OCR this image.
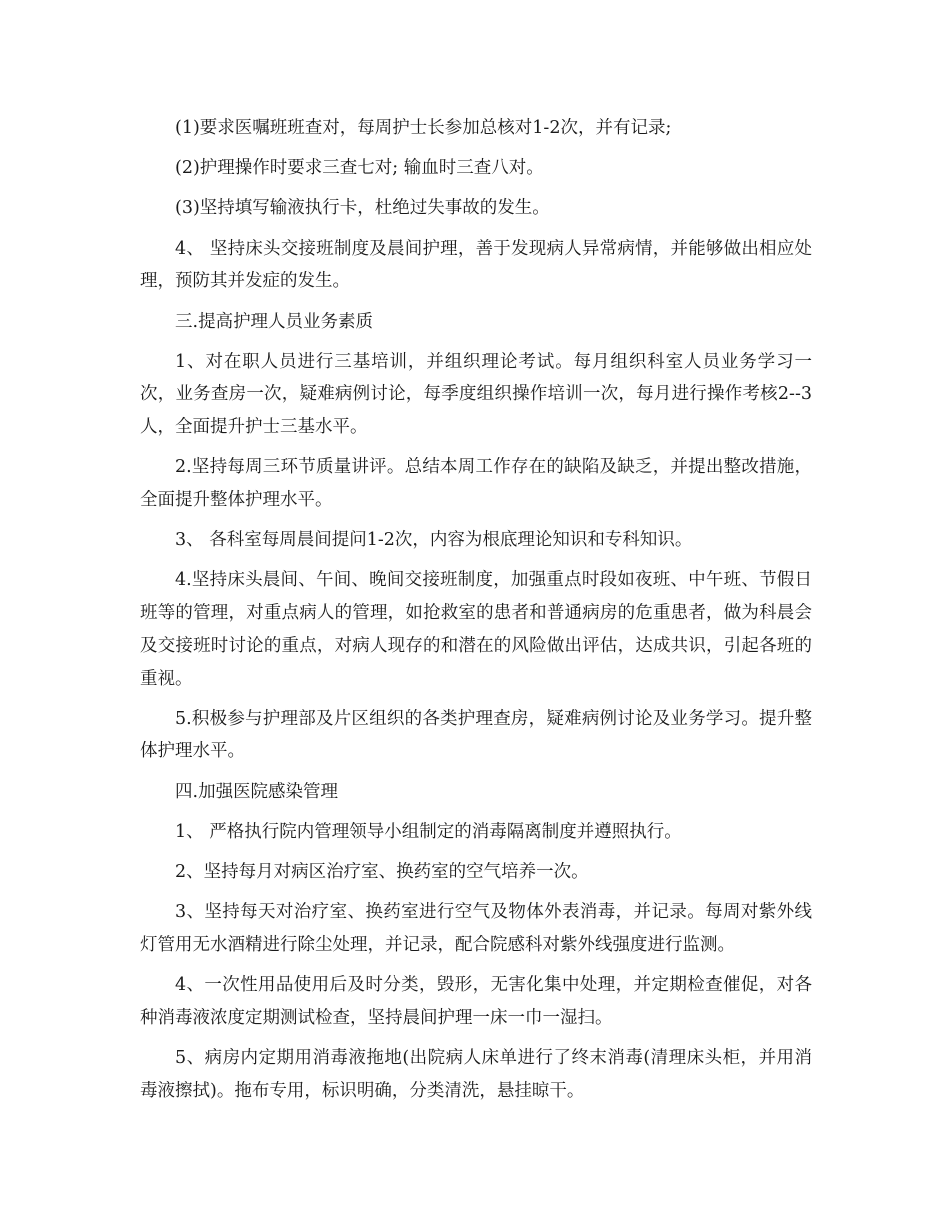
(1)要求医嘱班班查对，每周护士长参加总核对1-2次，并有记录;

(2)护理操作时要求三查七对; 输血时三查八对。

(3)坚持填写输液执行卡，杜绝过失事故的发生。

4、 坚持床头交接班制度及晨间护理，善于发现病人异常病情，并能够做出相应处理，预防其并发症的发生。

三.提高护理人员业务素质

1、对在职人员进行三基培训，并组织理论考试。每月组织科室人员业务学习一次，业务查房一次，疑难病例讨论，每季度组织操作培训一次，每月进行操作考核2--3人，全面提升护士三基水平。

2.坚持每周三环节质量讲评。总结本周工作存在的缺陷及缺乏，并提出整改措施，全面提升整体护理水平。

3、 各科室每周晨间提问1-2次，内容为根底理论知识和专科知识。

4.坚持床头晨间、午间、晚间交接班制度，加强重点时段如夜班、中午班、节假日班等的管理，对重点病人的管理，如抢救室的患者和普通病房的危重患者，做为科晨会及交接班时讨论的重点，对病人现存的和潜在的风险做出评估，达成共识，引起各班的重视。

5.积极参与护理部及片区组织的各类护理查房，疑难病例讨论及业务学习。提升整体护理水平。

四.加强医院感染管理

1、 严格执行院内管理领导小组制定的消毒隔离制度并遵照执行。

2、坚持每月对病区治疗室、换药室的空气培养一次。

3、坚持每天对治疗室、换药室进行空气及物体外表消毒，并记录。每周对紫外线灯管用无水酒精进行除尘处理，并记录，配合院感科对紫外线强度进行监测。

4、一次性用品使用后及时分类，毁形，无害化集中处理，并定期检查催促，对各种消毒液浓度定期测试检查，坚持晨间护理一床一巾一湿扫。

5、病房内定期用消毒液拖地(出院病人床单进行了终末消毒(清理床头柜，并用消毒液擦拭)。拖布专用，标识明确，分类清洗，悬挂晾干。
